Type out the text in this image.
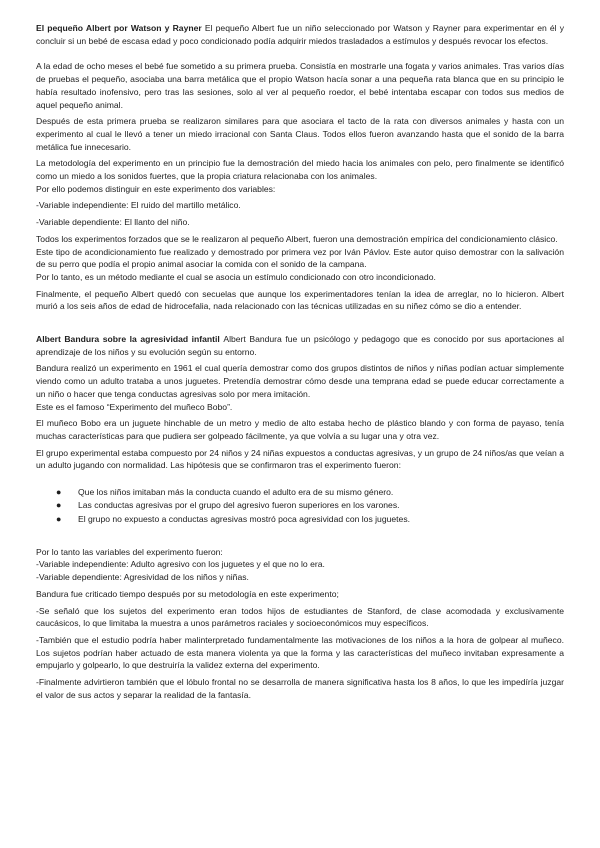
El pequeño Albert por Watson y Rayner El pequeño Albert fue un niño seleccionado por Watson y Rayner para experimentar en él y concluir si un bebé de escasa edad y poco condicionado podía adquirir miedos trasladados a estímulos y después revocar los efectos.

A la edad de ocho meses el bebé fue sometido a su primera prueba. Consistía en mostrarle una fogata y varios animales. Tras varios días de pruebas el pequeño, asociaba una barra metálica que el propio Watson hacía sonar a una pequeña rata blanca que en su principio le había resultado inofensivo, pero tras las sesiones, solo al ver al pequeño roedor, el bebé intentaba escapar con todos sus medios de aquel pequeño animal.

Después de esta primera prueba se realizaron similares para que asociara el tacto de la rata con diversos animales y hasta con un experimento al cual le llevó a tener un miedo irracional con Santa Claus. Todos ellos fueron avanzando hasta que el sonido de la barra metálica fue innecesario.

La metodología del experimento en un principio fue la demostración del miedo hacia los animales con pelo, pero finalmente se identificó como un miedo a los sonidos fuertes, que la propia criatura relacionaba con los animales.

Por ello podemos distinguir en este experimento dos variables:

-Variable independiente: El ruido del martillo metálico.

-Variable dependiente: El llanto del niño.

Todos los experimentos forzados que se le realizaron al pequeño Albert, fueron una demostración empírica del condicionamiento clásico.

Este tipo de acondicionamiento fue realizado y demostrado por primera vez por Iván Pávlov. Este autor quiso demostrar con la salivación de su perro que podía el propio animal asociar la comida con el sonido de la campana.

Por lo tanto, es un método mediante el cual se asocia un estímulo condicionado con otro incondicionado.

Finalmente, el pequeño Albert quedó con secuelas que aunque los experimentadores tenían la idea de arreglar, no lo hicieron. Albert murió a los seis años de edad de hidrocefalia, nada relacionado con las técnicas utilizadas en su niñez cómo se dio a entender.

Albert Bandura sobre la agresividad infantil Albert Bandura fue un psicólogo y pedagogo que es conocido por sus aportaciones al aprendizaje de los niños y su evolución según su entorno.

Bandura realizó un experimento en 1961 el cual quería demostrar como dos grupos distintos de niños y niñas podían actuar simplemente viendo como un adulto trataba a unos juguetes. Pretendía demostrar cómo desde una temprana edad se puede educar correctamente a un niño o hacer que tenga conductas agresivas solo por mera imitación.

Este es el famoso “Experimento del muñeco Bobo”.

El muñeco Bobo era un juguete hinchable de un metro y medio de alto estaba hecho de plástico blando y con forma de payaso, tenía muchas características para que pudiera ser golpeado fácilmente, ya que volvía a su lugar una y otra vez.

El grupo experimental estaba compuesto por 24 niños y 24 niñas expuestos a conductas agresivas, y un grupo de 24 niños/as que veían a un adulto jugando con normalidad. Las hipótesis que se confirmaron tras el experimento fueron:

● Que los niños imitaban más la conducta cuando el adulto era de su mismo género.
● Las conductas agresivas por el grupo del agresivo fueron superiores en los varones.
● El grupo no expuesto a conductas agresivas mostró poca agresividad con los juguetes.

Por lo tanto las variables del experimento fueron:

-Variable independiente: Adulto agresivo con los juguetes y el que no lo era.

-Variable dependiente: Agresividad de los niños y niñas.

Bandura fue criticado tiempo después por su metodología en este experimento;

-Se señaló que los sujetos del experimento eran todos hijos de estudiantes de Stanford, de clase acomodada y exclusivamente caucásicos, lo que limitaba la muestra a unos parámetros raciales y socioeconómicos muy específicos.

-También que el estudio podría haber malinterpretado fundamentalmente las motivaciones de los niños a la hora de golpear al muñeco. Los sujetos podrían haber actuado de esta manera violenta ya que la forma y las características del muñeco invitaban expresamente a empujarlo y golpearlo, lo que destruiría la validez externa del experimento.

-Finalmente advirtieron también que el lóbulo frontal no se desarrolla de manera significativa hasta los 8 años, lo que les impedíría juzgar el valor de sus actos y separar la realidad de la fantasía.
